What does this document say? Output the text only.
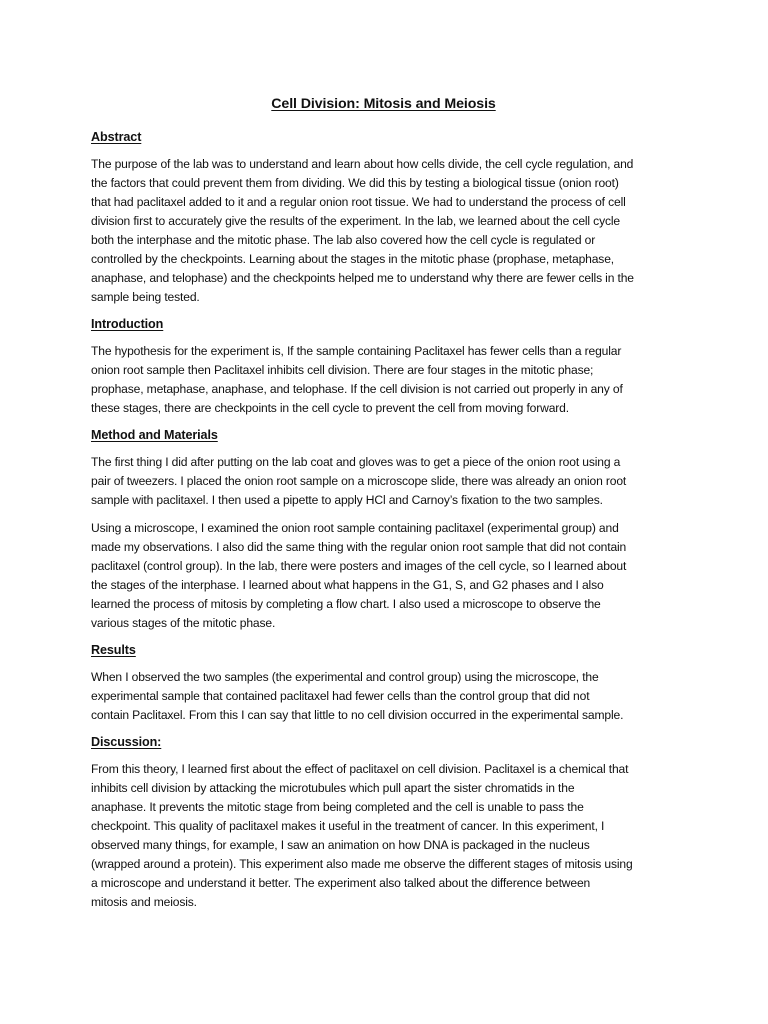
Cell Division: Mitosis and Meiosis
Abstract
The purpose of the lab was to understand and learn about how cells divide, the cell cycle regulation, and
the factors that could prevent them from dividing. We did this by testing a biological tissue (onion root)
that had paclitaxel added to it and a regular onion root tissue. We had to understand the process of cell
division first to accurately give the results of the experiment. In the lab, we learned about the cell cycle
both the interphase and the mitotic phase. The lab also covered how the cell cycle is regulated or
controlled by the checkpoints. Learning about the stages in the mitotic phase (prophase, metaphase,
anaphase, and telophase) and the checkpoints helped me to understand why there are fewer cells in the
sample being tested.
Introduction
The hypothesis for the experiment is, If the sample containing Paclitaxel has fewer cells than a regular
onion root sample then Paclitaxel inhibits cell division. There are four stages in the mitotic phase;
prophase, metaphase, anaphase, and telophase. If the cell division is not carried out properly in any of
these stages, there are checkpoints in the cell cycle to prevent the cell from moving forward.
Method and Materials
The first thing I did after putting on the lab coat and gloves was to get a piece of the onion root using a
pair of tweezers. I placed the onion root sample on a microscope slide, there was already an onion root
sample with paclitaxel. I then used a pipette to apply HCl and Carnoy’s fixation to the two samples.
Using a microscope, I examined the onion root sample containing paclitaxel (experimental group) and
made my observations. I also did the same thing with the regular onion root sample that did not contain
paclitaxel (control group). In the lab, there were posters and images of the cell cycle, so I learned about
the stages of the interphase. I learned about what happens in the G1, S, and G2 phases and I also
learned the process of mitosis by completing a flow chart. I also used a microscope to observe the
various stages of the mitotic phase.
Results
When I observed the two samples (the experimental and control group) using the microscope, the
experimental sample that contained paclitaxel had fewer cells than the control group that did not
contain Paclitaxel. From this I can say that little to no cell division occurred in the experimental sample.
Discussion:
From this theory, I learned first about the effect of paclitaxel on cell division. Paclitaxel is a chemical that
inhibits cell division by attacking the microtubules which pull apart the sister chromatids in the
anaphase. It prevents the mitotic stage from being completed and the cell is unable to pass the
checkpoint. This quality of paclitaxel makes it useful in the treatment of cancer. In this experiment, I
observed many things, for example, I saw an animation on how DNA is packaged in the nucleus
(wrapped around a protein). This experiment also made me observe the different stages of mitosis using
a microscope and understand it better. The experiment also talked about the difference between
mitosis and meiosis.
